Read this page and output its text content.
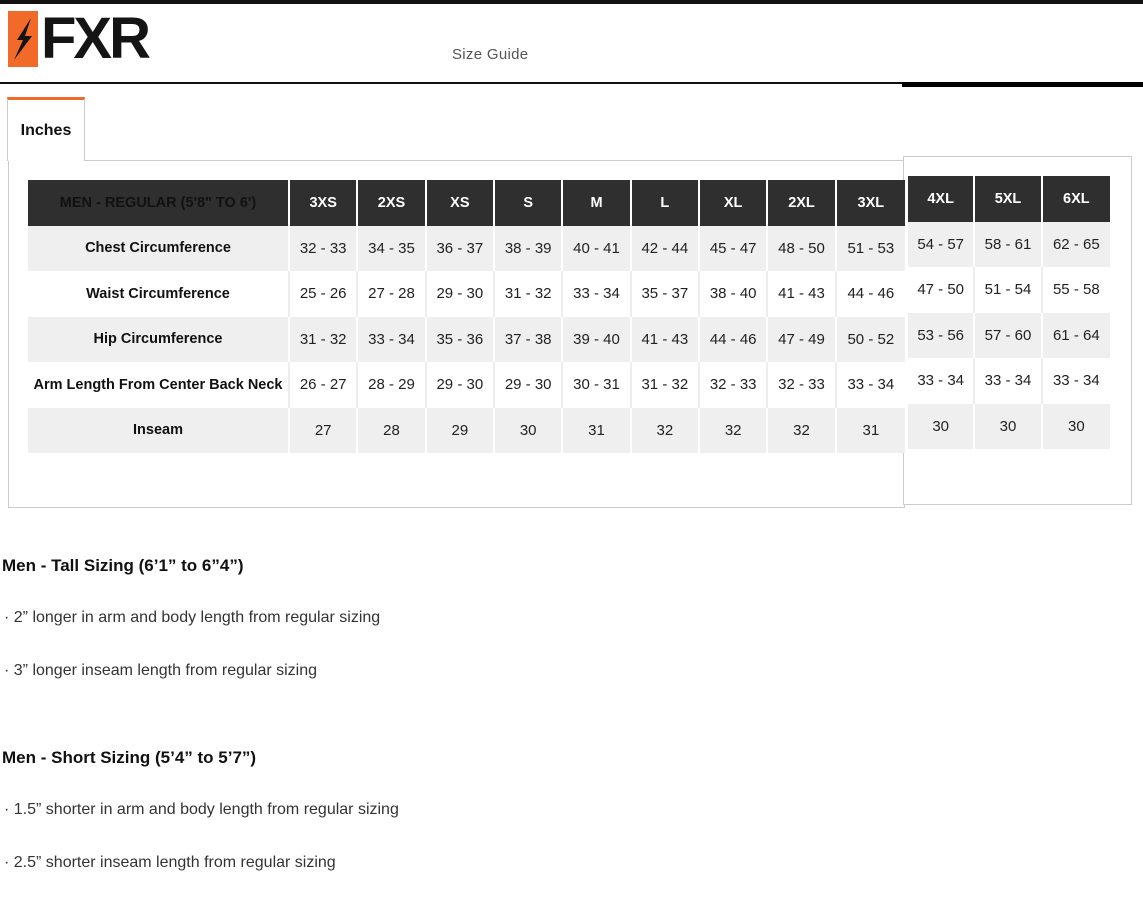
FXR	Size Guide
Inches
MEN - REGULAR (5'8" TO 6')	3XS	2XS	XS	S	M	L	XL	2XL	3XL
Chest Circumference	32 - 33	34 - 35	36 - 37	38 - 39	40 - 41	42 - 44	45 - 47	48 - 50	51 - 53
Waist Circumference	25 - 26	27 - 28	29 - 30	31 - 32	33 - 34	35 - 37	38 - 40	41 - 43	44 - 46
Hip Circumference	31 - 32	33 - 34	35 - 36	37 - 38	39 - 40	41 - 43	44 - 46	47 - 49	50 - 52
Arm Length From Center Back Neck	26 - 27	28 - 29	29 - 30	29 - 30	30 - 31	31 - 32	32 - 33	32 - 33	33 - 34
Inseam	27	28	29	30	31	32	32	32	31
4XL	5XL	6XL
54 - 57	58 - 61	62 - 65
47 - 50	51 - 54	55 - 58
53 - 56	57 - 60	61 - 64
33 - 34	33 - 34	33 - 34
30	30	30
Men - Tall Sizing (6’1” to 6”4”)
· 2” longer in arm and body length from regular sizing
· 3” longer inseam length from regular sizing
Men - Short Sizing (5’4” to 5’7”)
· 1.5” shorter in arm and body length from regular sizing
· 2.5” shorter inseam length from regular sizing
